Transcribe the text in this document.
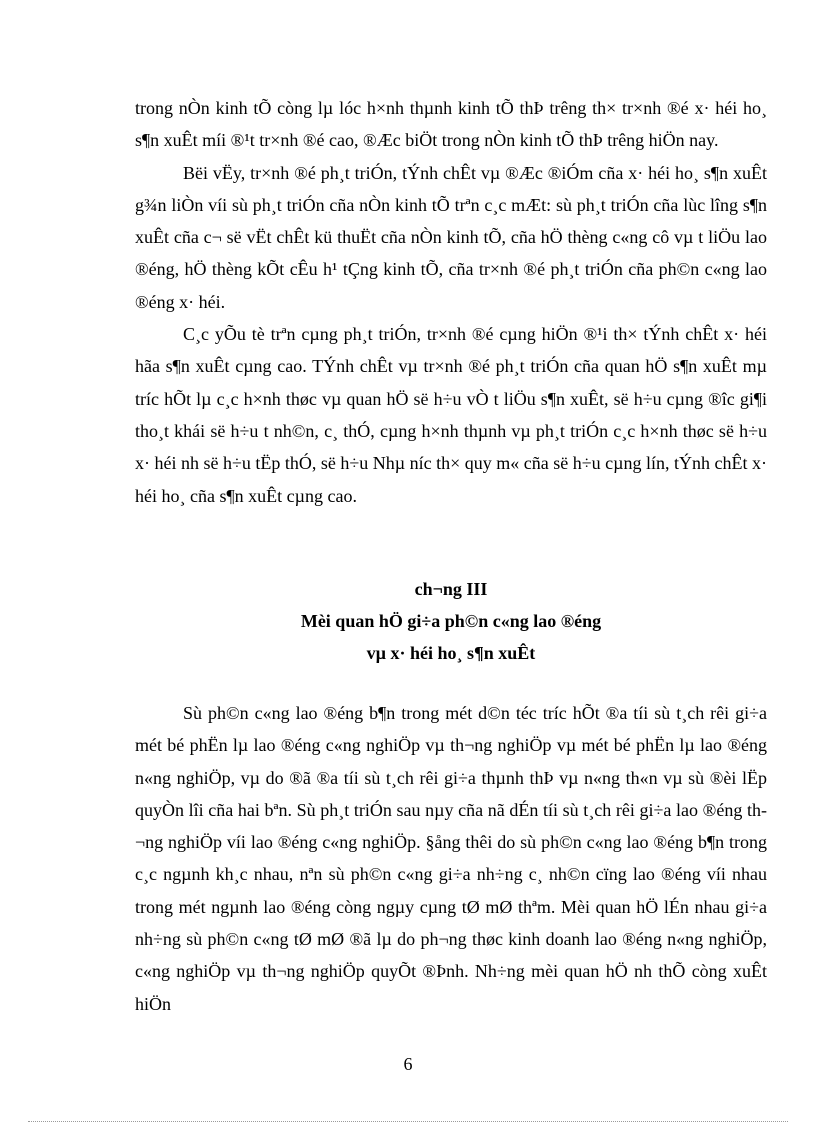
trong nÒn kinh tÕ còng lµ lóc h×nh thµnh kinh tÕ thÞ trêng th× tr×nh ®é x· héi ho¸ s¶n xuÊt míi ®¹t tr×nh ®é cao, ®Æc biÖt trong nÒn kinh tÕ thÞ trêng hiÖn nay.

Bëi vËy, tr×nh ®é ph¸t triÓn, tÝnh chÊt vµ ®Æc ®iÓm cña x· héi ho¸ s¶n xuÊt g¾n liÒn víi sù ph¸t triÓn cña nÒn kinh tÕ trªn c¸c mÆt: sù ph¸t triÓn cña lùc lîng s¶n xuÊt cña c¬ së vËt chÊt kü thuËt cña nÒn kinh tÕ, cña hÖ thèng c«ng cô vµ t liÖu lao ®éng, hÖ thèng kÕt cÊu h¹ tÇng kinh tÕ, cña tr×nh ®é ph¸t triÓn cña ph©n c«ng lao ®éng x· héi.

C¸c yÕu tè trªn cµng ph¸t triÓn, tr×nh ®é cµng hiÖn ®¹i th× tÝnh chÊt x· héi hãa s¶n xuÊt cµng cao. TÝnh chÊt vµ tr×nh ®é ph¸t triÓn cña quan hÖ s¶n xuÊt mµ tríc hÕt lµ c¸c h×nh thøc vµ quan hÖ së h÷u vÒ t liÖu s¶n xuÊt, së h÷u cµng ®îc gi¶i tho¸t khái së h÷u t nh©n, c¸ thÓ, cµng h×nh thµnh vµ ph¸t triÓn c¸c h×nh thøc së h÷u x· héi nh së h÷u tËp thÓ, së h÷u Nhµ níc th× quy m« cña së h÷u cµng lín, tÝnh chÊt x· héi ho¸ cña s¶n xuÊt cµng cao.

ch¬ng III
Mèi quan hÖ gi÷a ph©n c«ng lao ®éng
vµ x· héi ho¸ s¶n xuÊt

Sù ph©n c«ng lao ®éng b¶n trong mét d©n téc tríc hÕt ®a tíi sù t¸ch rêi gi÷a mét bé phËn lµ lao ®éng c«ng nghiÖp vµ th¬ng nghiÖp vµ mét bé phËn lµ lao ®éng n«ng nghiÖp, vµ do ®ã ®a tíi sù t¸ch rêi gi÷a thµnh thÞ vµ n«ng th«n vµ sù ®èi lËp quyÒn lîi cña hai bªn. Sù ph¸t triÓn sau nµy cña nã dÉn tíi sù t¸ch rêi gi÷a lao ®éng th¬ng nghiÖp víi lao ®éng c«ng nghiÖp. §ång thêi do sù ph©n c«ng lao ®éng b¶n trong c¸c ngµnh kh¸c nhau, nªn sù ph©n c«ng gi÷a nh÷ng c¸ nh©n cïng lao ®éng víi nhau trong mét ngµnh lao ®éng còng ngµy cµng tØ mØ thªm. Mèi quan hÖ lÉn nhau gi÷a nh÷ng sù ph©n c«ng tØ mØ ®ã lµ do ph¬ng thøc kinh doanh lao ®éng n«ng nghiÖp, c«ng nghiÖp vµ th¬ng nghiÖp quyÕt ®Þnh. Nh÷ng mèi quan hÖ nh thÕ còng xuÊt hiÖn

6
